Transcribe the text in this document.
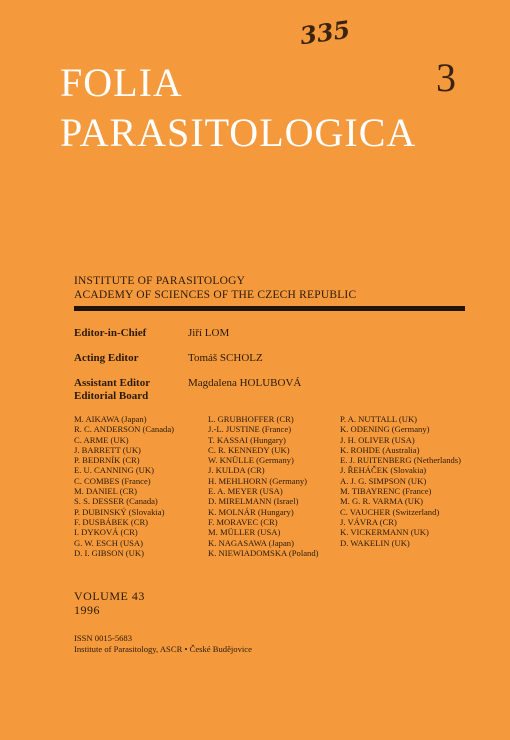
335
FOLIA
PARASITOLOGICA
3
INSTITUTE OF PARASITOLOGY
ACADEMY OF SCIENCES OF THE CZECH REPUBLIC
Editor-in-Chief	Jiří LOM
Acting Editor	Tomáš SCHOLZ
Assistant Editor	Magdalena HOLUBOVÁ
Editorial Board
M. AIKAWA (Japan)
R. C. ANDERSON (Canada)
C. ARME (UK)
J. BARRETT (UK)
P. BEDRNÍK (CR)
E. U. CANNING (UK)
C. COMBES (France)
M. DANIEL (CR)
S. S. DESSER (Canada)
P. DUBINSKÝ (Slovakia)
F. DUSBÁBEK (CR)
I. DYKOVÁ (CR)
G. W. ESCH (USA)
D. I. GIBSON (UK)
L. GRUBHOFFER (CR)
J.-L. JUSTINE (France)
T. KASSAI (Hungary)
C. R. KENNEDY (UK)
W. KNÜLLE (Germany)
J. KULDA (CR)
H. MEHLHORN (Germany)
E. A. MEYER (USA)
D. MIRELMANN (Israel)
K. MOLNÁR (Hungary)
F. MORAVEC (CR)
M. MÜLLER (USA)
K. NAGASAWA (Japan)
K. NIEWIADOMSKA (Poland)
P. A. NUTTALL (UK)
K. ODENING (Germany)
J. H. OLIVER (USA)
K. ROHDE (Australia)
E. J. RUITENBERG (Netherlands)
J. ŘEHÁČEK (Slovakia)
A. J. G. SIMPSON (UK)
M. TIBAYRENC (France)
M. G. R. VARMA (UK)
C. VAUCHER (Switzerland)
J. VÁVRA (CR)
K. VICKERMANN (UK)
D. WAKELIN (UK)
VOLUME 43
1996
ISSN 0015-5683
Institute of Parasitology, ASCR • České Budějovice
